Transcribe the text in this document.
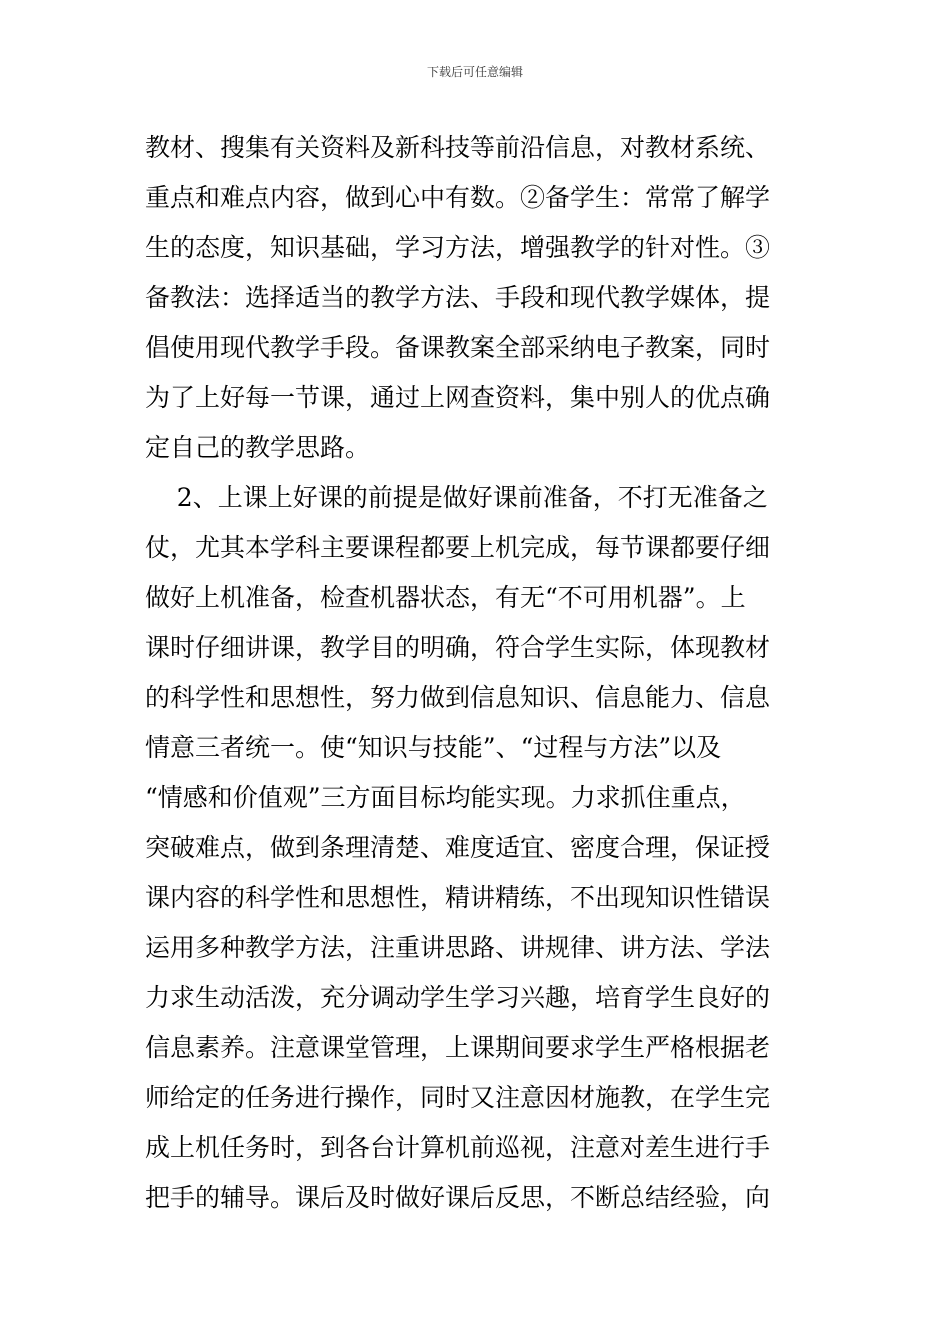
下载后可任意编辑
教材、搜集有关资料及新科技等前沿信息，对教材系统、
重点和难点内容，做到心中有数。②备学生：常常了解学
生的态度，知识基础，学习方法，增强教学的针对性。③
备教法：选择适当的教学方法、手段和现代教学媒体，提
倡使用现代教学手段。备课教案全部采纳电子教案，同时
为了上好每一节课，通过上网查资料，集中别人的优点确
定自己的教学思路。
2、上课上好课的前提是做好课前准备，不打无准备之
仗，尤其本学科主要课程都要上机完成，每节课都要仔细
做好上机准备，检查机器状态，有无“不可用机器”。上
课时仔细讲课，教学目的明确，符合学生实际，体现教材
的科学性和思想性，努力做到信息知识、信息能力、信息
情意三者统一。使“知识与技能”、“过程与方法”以及
“情感和价值观”三方面目标均能实现。力求抓住重点，
突破难点，做到条理清楚、难度适宜、密度合理，保证授
课内容的科学性和思想性，精讲精练，不出现知识性错误
运用多种教学方法，注重讲思路、讲规律、讲方法、学法
力求生动活泼，充分调动学生学习兴趣，培育学生良好的
信息素养。注意课堂管理，上课期间要求学生严格根据老
师给定的任务进行操作，同时又注意因材施教，在学生完
成上机任务时，到各台计算机前巡视，注意对差生进行手
把手的辅导。课后及时做好课后反思，不断总结经验，向
